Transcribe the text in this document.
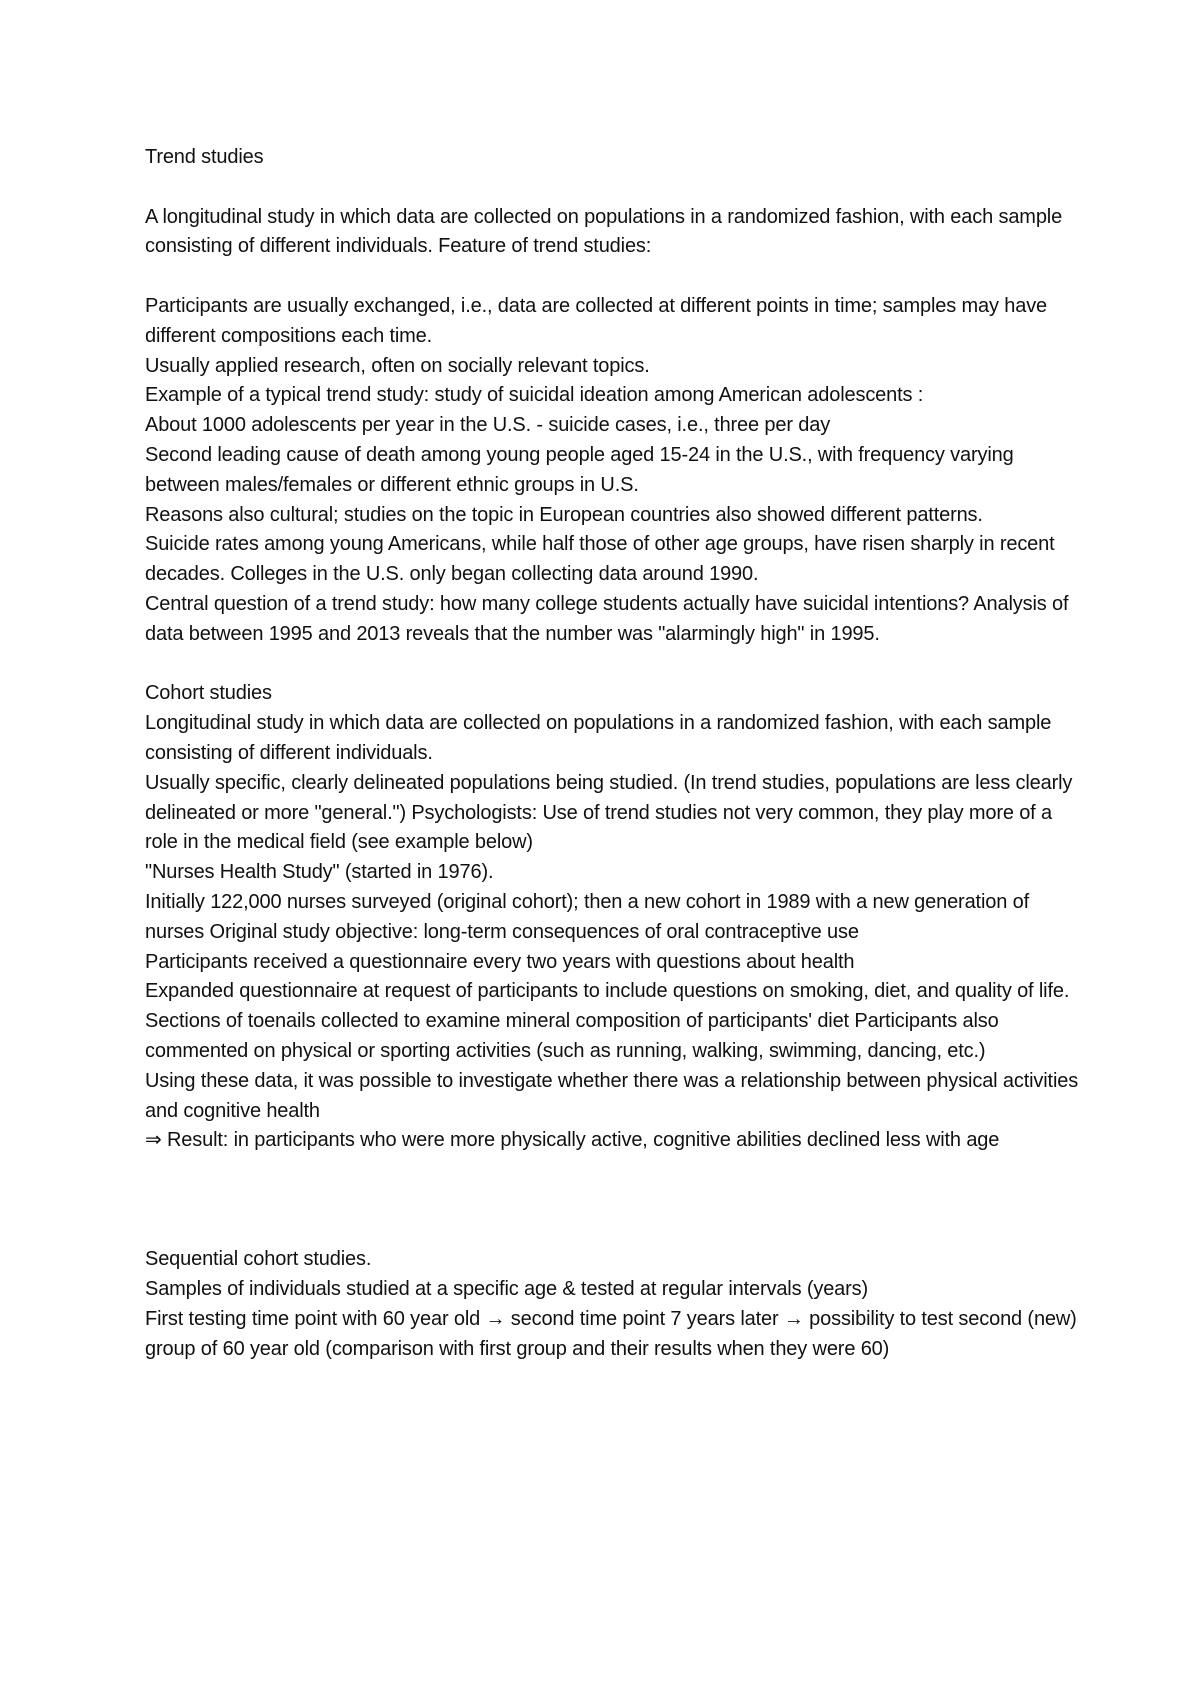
Trend studies

A longitudinal study in which data are collected on populations in a randomized fashion, with each sample consisting of different individuals. Feature of trend studies:

Participants are usually exchanged, i.e., data are collected at different points in time; samples may have different compositions each time.

Usually applied research, often on socially relevant topics.

Example of a typical trend study: study of suicidal ideation among American adolescents :

About 1000 adolescents per year in the U.S. - suicide cases, i.e., three per day

Second leading cause of death among young people aged 15-24 in the U.S., with frequency varying between males/females or different ethnic groups in U.S.

Reasons also cultural; studies on the topic in European countries also showed different patterns.

Suicide rates among young Americans, while half those of other age groups, have risen sharply in recent decades. Colleges in the U.S. only began collecting data around 1990.

Central question of a trend study: how many college students actually have suicidal intentions? Analysis of data between 1995 and 2013 reveals that the number was "alarmingly high" in 1995.

Cohort studies

Longitudinal study in which data are collected on populations in a randomized fashion, with each sample consisting of different individuals.

Usually specific, clearly delineated populations being studied. (In trend studies, populations are less clearly delineated or more "general.") Psychologists: Use of trend studies not very common, they play more of a role in the medical field (see example below)

"Nurses Health Study" (started in 1976).

Initially 122,000 nurses surveyed (original cohort); then a new cohort in 1989 with a new generation of nurses Original study objective: long-term consequences of oral contraceptive use

Participants received a questionnaire every two years with questions about health

Expanded questionnaire at request of participants to include questions on smoking, diet, and quality of life. Sections of toenails collected to examine mineral composition of participants' diet Participants also commented on physical or sporting activities (such as running, walking, swimming, dancing, etc.)

Using these data, it was possible to investigate whether there was a relationship between physical activities and cognitive health

⇒ Result: in participants who were more physically active, cognitive abilities declined less with age

Sequential cohort studies.

Samples of individuals studied at a specific age & tested at regular intervals (years)

First testing time point with 60 year old → second time point 7 years later → possibility to test second (new) group of 60 year old (comparison with first group and their results when they were 60)
